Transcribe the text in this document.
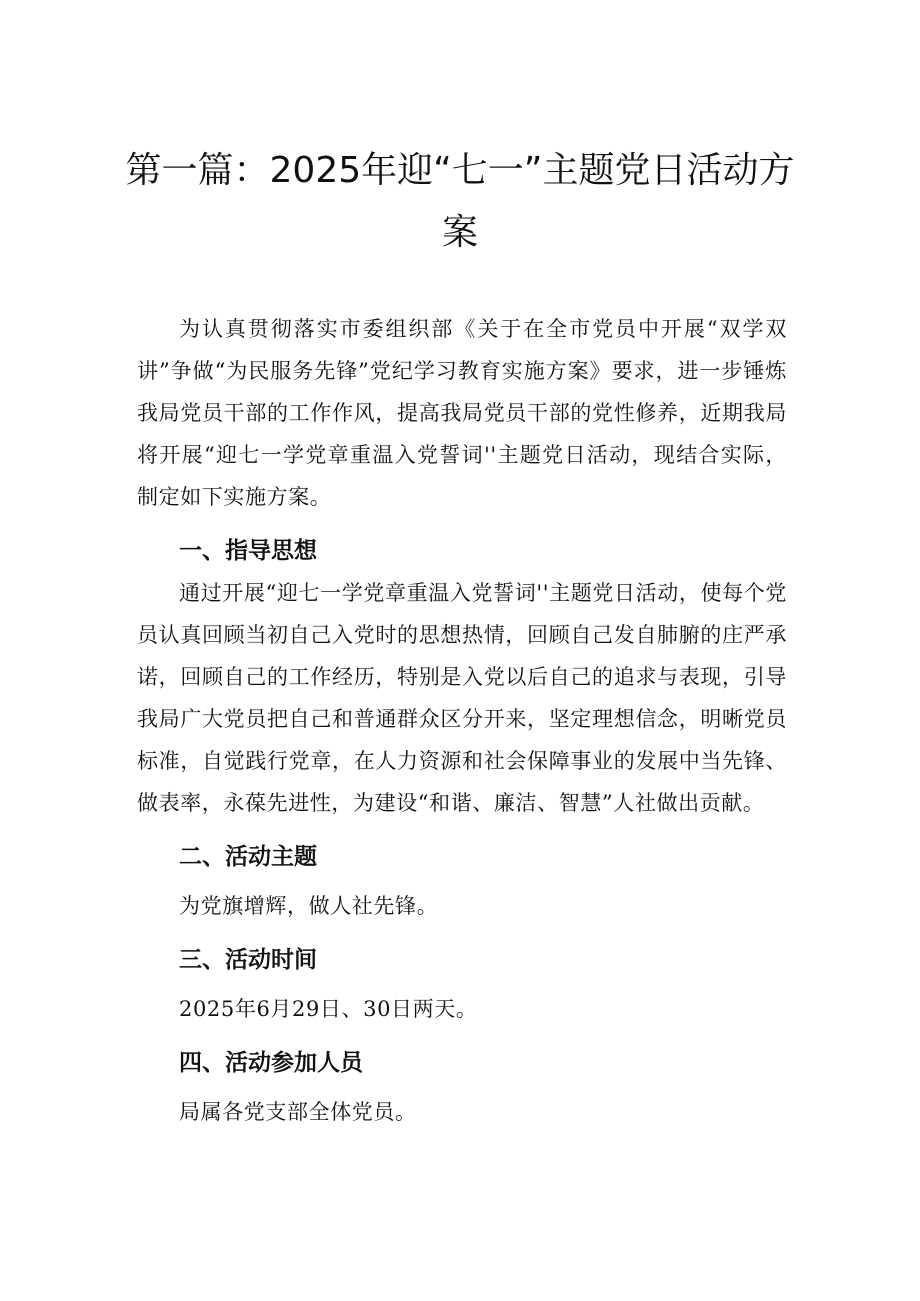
第一篇：2025年迎“七一”主题党日活动方案

为认真贯彻落实市委组织部《关于在全市党员中开展“双学双讲”争做“为民服务先锋”党纪学习教育实施方案》要求，进一步锤炼我局党员干部的工作作风，提高我局党员干部的党性修养，近期我局将开展“迎七一学党章重温入党誓词''主题党日活动，现结合实际，制定如下实施方案。

一、指导思想

通过开展“迎七一学党章重温入党誓词''主题党日活动，使每个党员认真回顾当初自己入党时的思想热情，回顾自己发自肺腑的庄严承诺，回顾自己的工作经历，特别是入党以后自己的追求与表现，引导我局广大党员把自己和普通群众区分开来，坚定理想信念，明晰党员标准，自觉践行党章，在人力资源和社会保障事业的发展中当先锋、做表率，永葆先进性，为建设“和谐、廉洁、智慧”人社做出贡献。

二、活动主题

为党旗增辉，做人社先锋。

三、活动时间

2025年6月29日、30日两天。

四、活动参加人员

局属各党支部全体党员。
